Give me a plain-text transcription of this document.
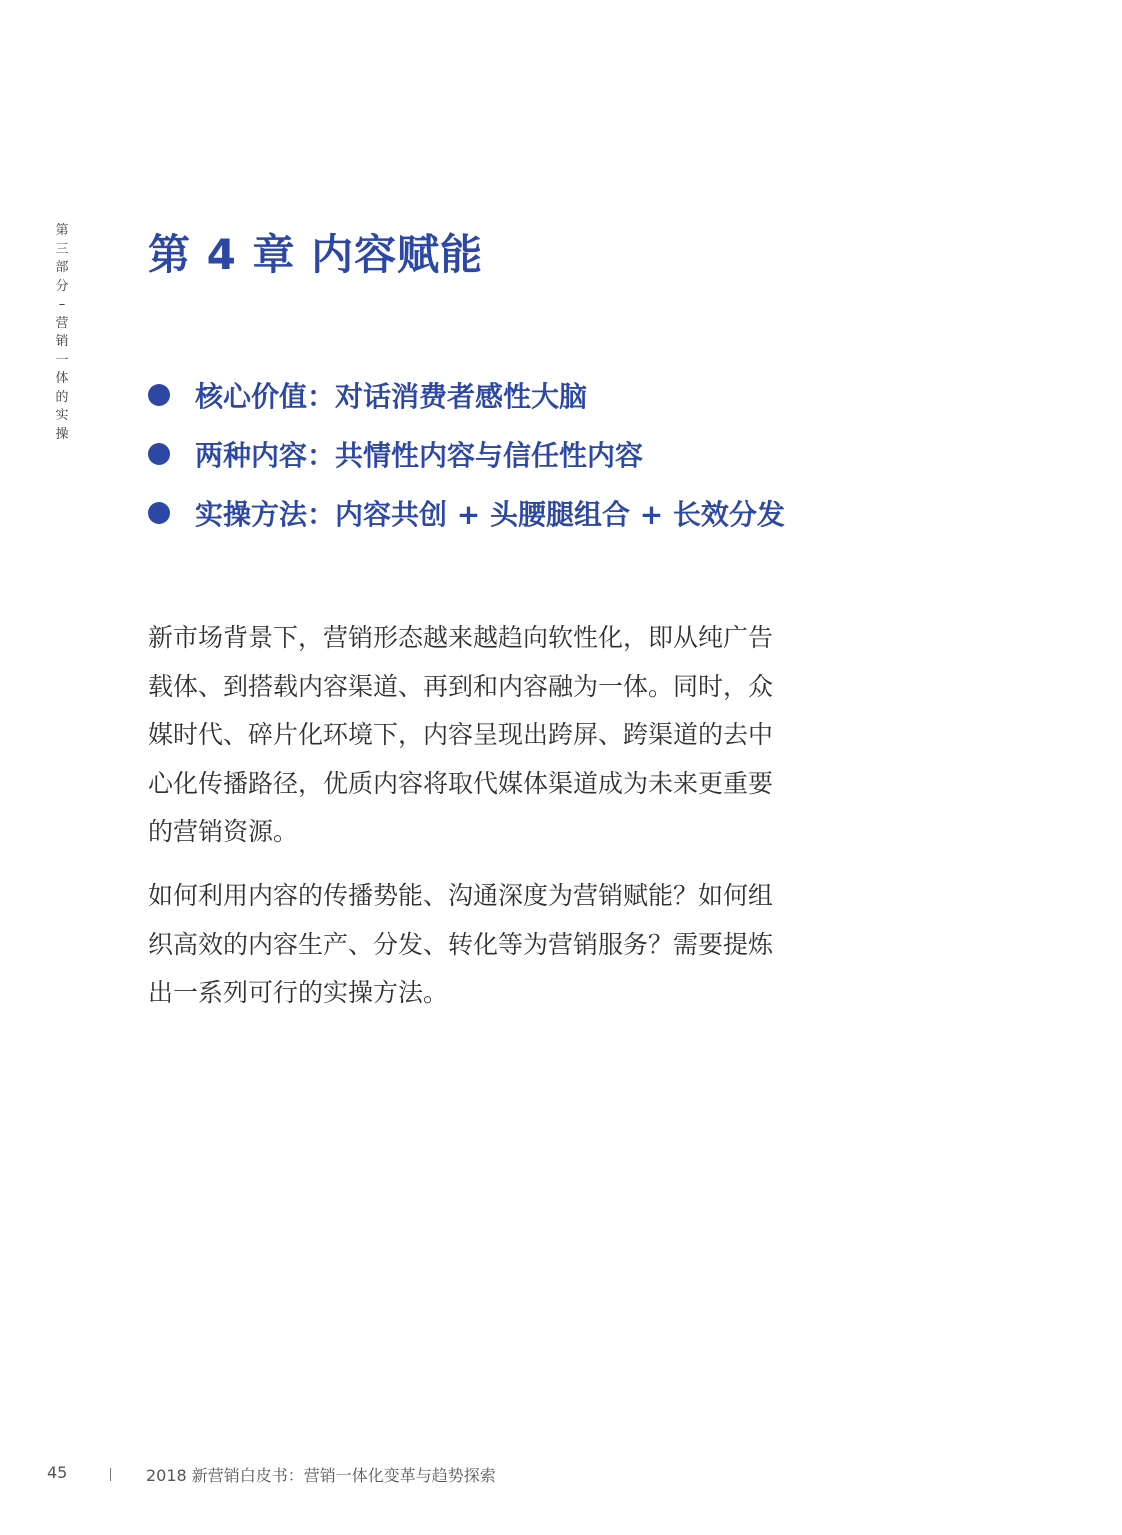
第
三
部
分
–
营
销
一
体
的
实
操
第 4 章 内容赋能
核心价值：对话消费者感性大脑
两种内容：共情性内容与信任性内容
实操方法：内容共创 + 头腰腿组合 + 长效分发

新市场背景下，营销形态越来越趋向软性化，即从纯广告载体、到搭载内容渠道、再到和内容融为一体。同时，众媒时代、碎片化环境下，内容呈现出跨屏、跨渠道的去中心化传播路径，优质内容将取代媒体渠道成为未来更重要的营销资源。

如何利用内容的传播势能、沟通深度为营销赋能？如何组织高效的内容生产、分发、转化等为营销服务？需要提炼出一系列可行的实操方法。

45	2018 新营销白皮书：营销一体化变革与趋势探索
